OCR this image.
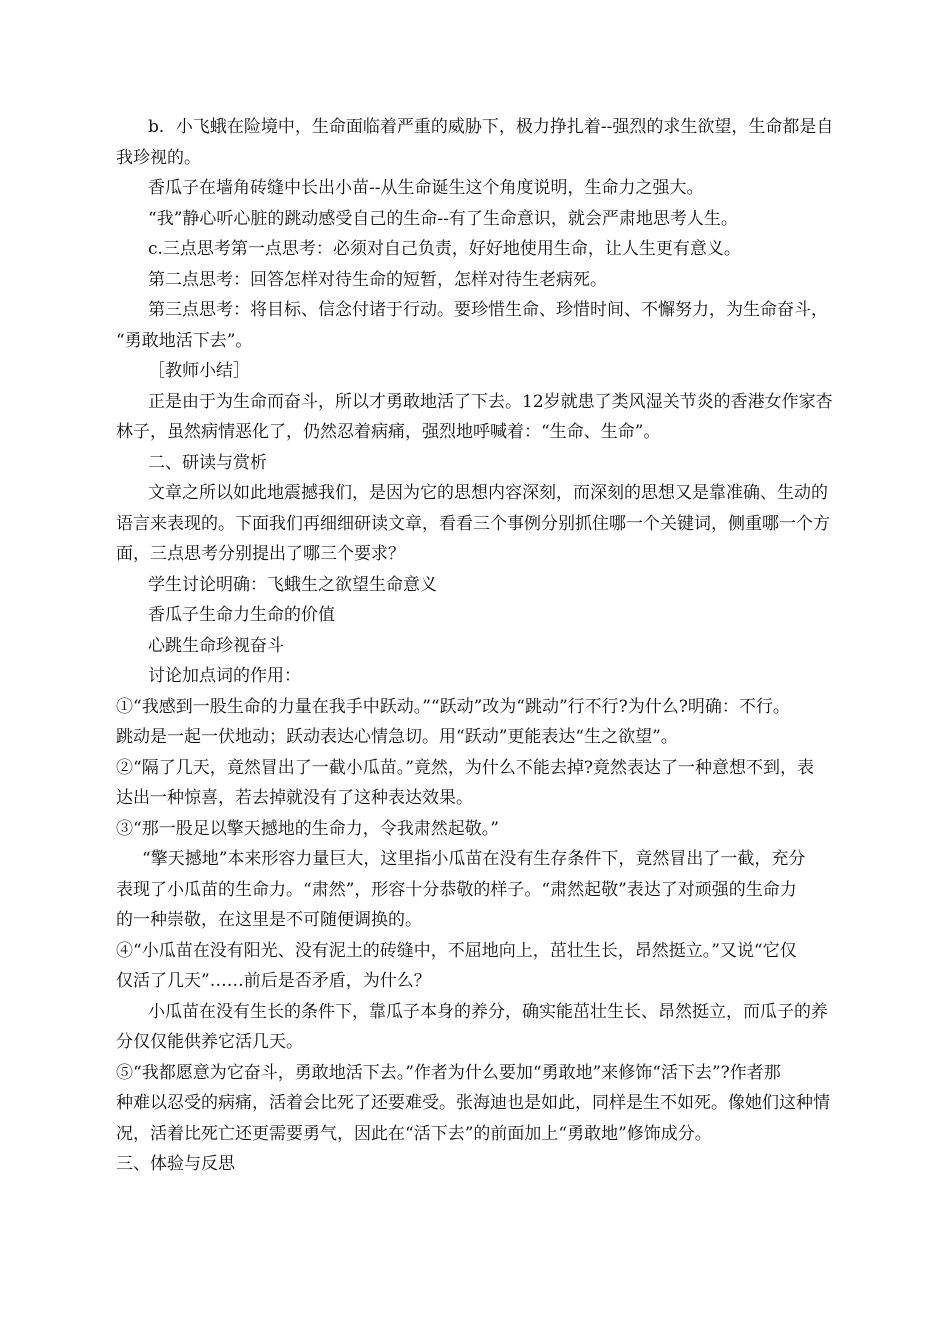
b．小飞蛾在险境中，生命面临着严重的威胁下，极力挣扎着--强烈的求生欲望，生命都是自
我珍视的。
香瓜子在墙角砖缝中长出小苗--从生命诞生这个角度说明，生命力之强大。
“我”静心听心脏的跳动感受自己的生命--有了生命意识，就会严肃地思考人生。
c.三点思考第一点思考：必须对自己负责，好好地使用生命，让人生更有意义。
第二点思考：回答怎样对待生命的短暂，怎样对待生老病死。
第三点思考：将目标、信念付诸于行动。要珍惜生命、珍惜时间、不懈努力，为生命奋斗，
“勇敢地活下去”。
［教师小结］
正是由于为生命而奋斗，所以才勇敢地活了下去。12岁就患了类风湿关节炎的香港女作家杏
林子，虽然病情恶化了，仍然忍着病痛，强烈地呼喊着：“生命、生命”。
二、研读与赏析
文章之所以如此地震撼我们，是因为它的思想内容深刻，而深刻的思想又是靠准确、生动的
语言来表现的。下面我们再细细研读文章，看看三个事例分别抓住哪一个关键词，侧重哪一个方
面，三点思考分别提出了哪三个要求？
学生讨论明确：飞蛾生之欲望生命意义
香瓜子生命力生命的价值
心跳生命珍视奋斗
讨论加点词的作用：
①“我感到一股生命的力量在我手中跃动。”“跃动”改为“跳动”行不行?为什么?明确：不行。
跳动是一起一伏地动；跃动表达心情急切。用“跃动”更能表达“生之欲望”。
②“隔了几天，竟然冒出了一截小瓜苗。”竟然，为什么不能去掉?竟然表达了一种意想不到，表
达出一种惊喜，若去掉就没有了这种表达效果。
③“那一股足以擎天撼地的生命力，令我肃然起敬。”
“擎天撼地”本来形容力量巨大，这里指小瓜苗在没有生存条件下，竟然冒出了一截，充分
表现了小瓜苗的生命力。“肃然”，形容十分恭敬的样子。“肃然起敬”表达了对顽强的生命力
的一种崇敬，在这里是不可随便调换的。
④“小瓜苗在没有阳光、没有泥土的砖缝中，不屈地向上，茁壮生长，昂然挺立。”又说“它仅
仅活了几天”……前后是否矛盾，为什么？
小瓜苗在没有生长的条件下，靠瓜子本身的养分，确实能茁壮生长、昂然挺立，而瓜子的养
分仅仅能供养它活几天。
⑤“我都愿意为它奋斗，勇敢地活下去。”作者为什么要加“勇敢地”来修饰“活下去”?作者那
种难以忍受的病痛，活着会比死了还要难受。张海迪也是如此，同样是生不如死。像她们这种情
况，活着比死亡还更需要勇气，因此在“活下去”的前面加上“勇敢地”修饰成分。
三、体验与反思
